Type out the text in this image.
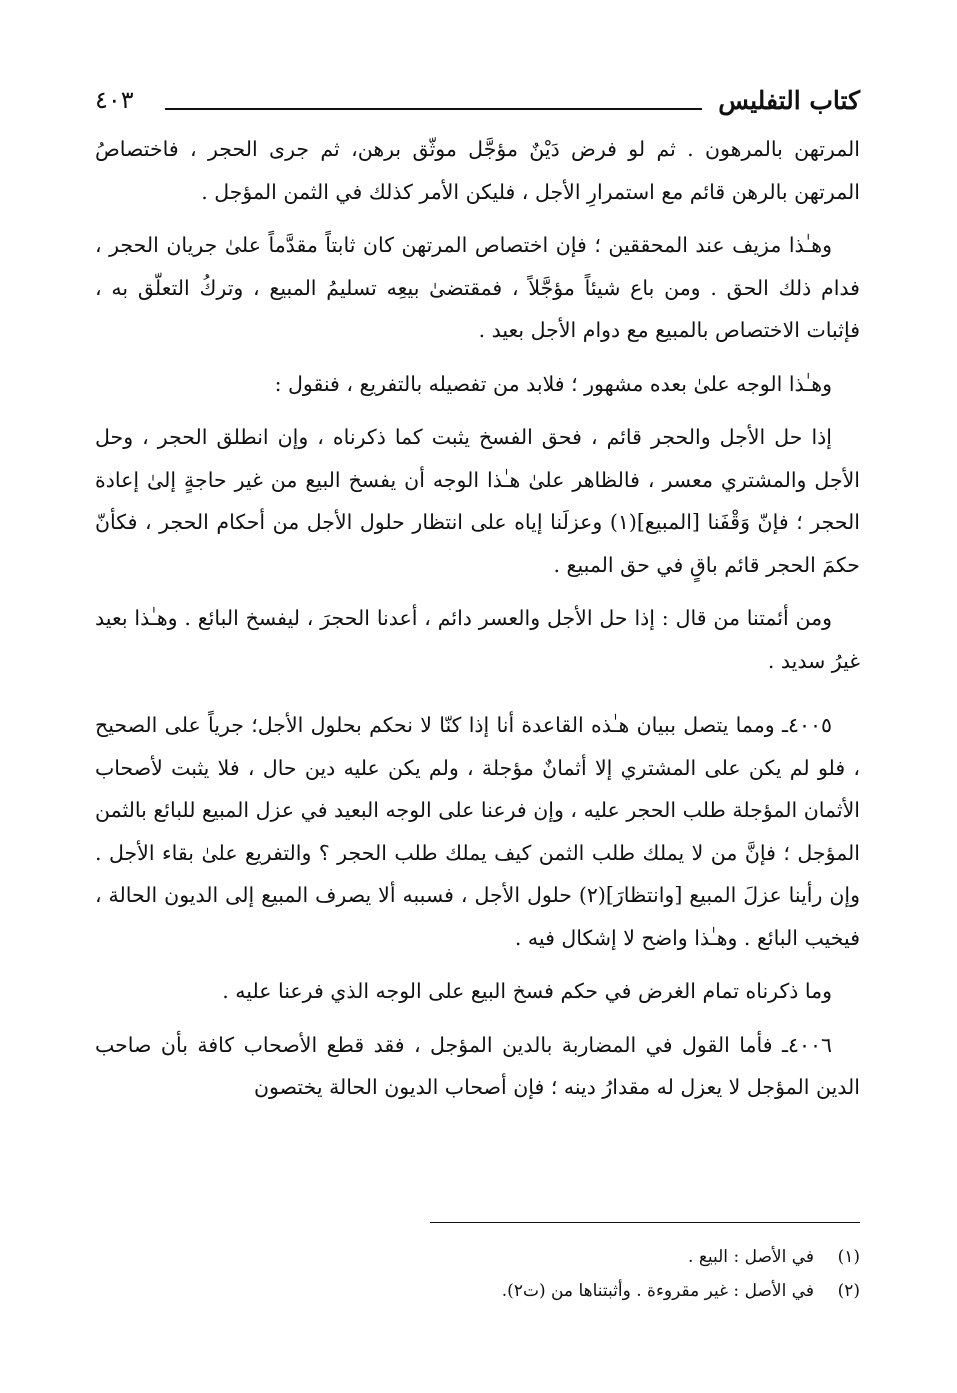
كتاب التفليس
٤٠٣

المرتهن بالمرهون . ثم لو فرض دَيْنٌ مؤجَّل موثّق برهن، ثم جرى الحجر ، فاختصاصُ المرتهن بالرهن قائم مع استمرارِ الأجل ، فليكن الأمر كذلك في الثمن المؤجل .

وهـٰذا مزيف عند المحققين ؛ فإن اختصاص المرتهن كان ثابتاً مقدَّماً علىٰ جريان الحجر ، فدام ذلك الحق . ومن باع شيئاً مؤجَّلاً ، فمقتضىٰ بيعِه تسليمُ المبيع ، وتركُ التعلّق به ، فإثبات الاختصاص بالمبيع مع دوام الأجل بعيد .

وهـٰذا الوجه علىٰ بعده مشهور ؛ فلابد من تفصيله بالتفريع ، فنقول :

إذا حل الأجل والحجر قائم ، فحق الفسخ يثبت كما ذكرناه ، وإن انطلق الحجر ، وحل الأجل والمشتري معسر ، فالظاهر علىٰ هـٰذا الوجه أن يفسخ البيع من غير حاجةٍ إلىٰ إعادة الحجر ؛ فإنّ وَقْفَنا [المبيع](١) وعزلَنا إياه على انتظار حلول الأجل من أحكام الحجر ، فكأنّ حكمَ الحجر قائم باقٍ في حق المبيع .

ومن أئمتنا من قال : إذا حل الأجل والعسر دائم ، أعدنا الحجرَ ، ليفسخ البائع . وهـٰذا بعيد غيرُ سديد .

٤٠٠٥ـ ومما يتصل ببيان هـٰذه القاعدة أنا إذا كنّا لا نحكم بحلول الأجل؛ جرياً على الصحيح ، فلو لم يكن على المشتري إلا أثمانٌ مؤجلة ، ولم يكن عليه دين حال ، فلا يثبت لأصحاب الأثمان المؤجلة طلب الحجر عليه ، وإن فرعنا على الوجه البعيد في عزل المبيع للبائع بالثمن المؤجل ؛ فإنَّ من لا يملك طلب الثمن كيف يملك طلب الحجر ؟ والتفريع علىٰ بقاء الأجل . وإن رأينا عزلَ المبيع [وانتظارَ](٢) حلول الأجل ، فسببه ألا يصرف المبيع إلى الديون الحالة ، فيخيب البائع . وهـٰذا واضح لا إشكال فيه .

وما ذكرناه تمام الغرض في حكم فسخ البيع على الوجه الذي فرعنا عليه .

٤٠٠٦ـ فأما القول في المضاربة بالدين المؤجل ، فقد قطع الأصحاب كافة بأن صاحب الدين المؤجل لا يعزل له مقدارُ دينه ؛ فإن أصحاب الديون الحالة يختصون

(١)
في الأصل : البيع .
(٢)
في الأصل : غير مقروءة . وأثبتناها من (ت٢).
